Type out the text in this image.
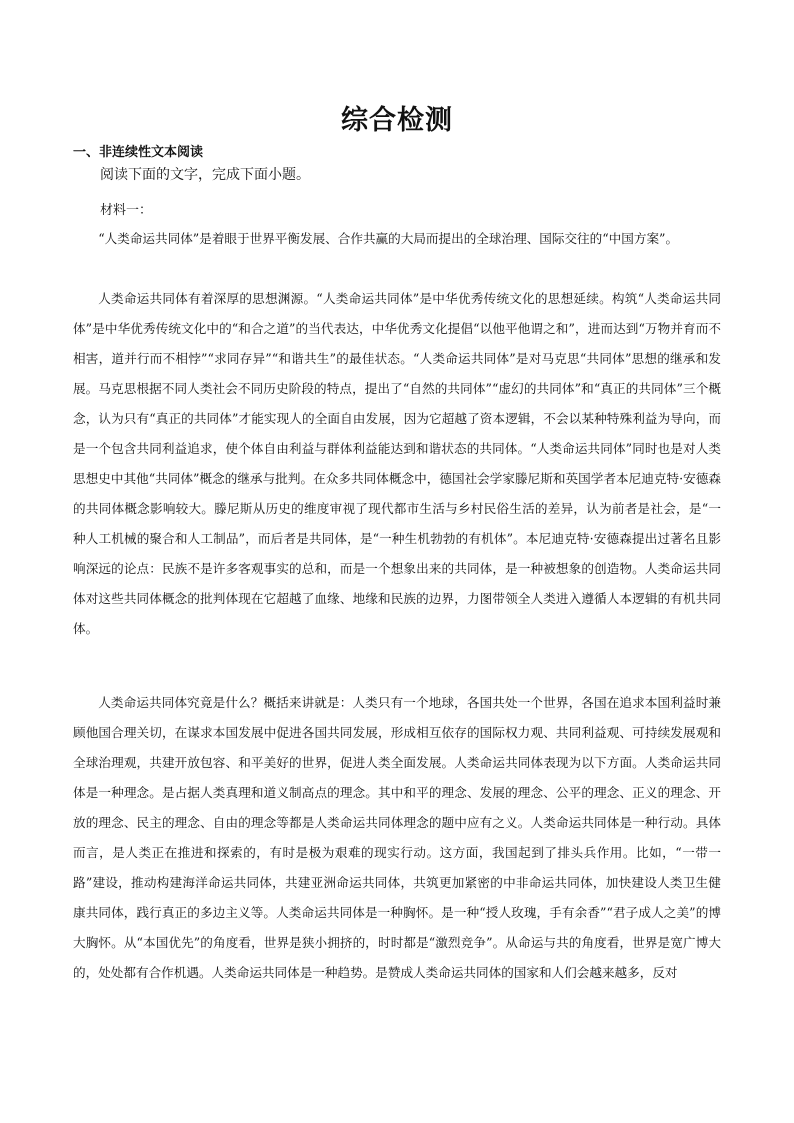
综合检测
一、非连续性文本阅读

阅读下面的文字，完成下面小题。

材料一：

“人类命运共同体”是着眼于世界平衡发展、合作共赢的大局而提出的全球治理、国际交往的“中国方案”。

人类命运共同体有着深厚的思想渊源。“人类命运共同体”是中华优秀传统文化的思想延续。构筑“人类命运共同体”是中华优秀传统文化中的“和合之道”的当代表达，中华优秀文化提倡“以他平他谓之和”，进而达到“万物并育而不相害，道并行而不相悖”“求同存异”“和谐共生”的最佳状态。“人类命运共同体”是对马克思“共同体”思想的继承和发展。马克思根据不同人类社会不同历史阶段的特点，提出了“自然的共同体”“虚幻的共同体”和“真正的共同体”三个概念，认为只有“真正的共同体”才能实现人的全面自由发展，因为它超越了资本逻辑，不会以某种特殊利益为导向，而是一个包含共同利益追求，使个体自由利益与群体利益能达到和谐状态的共同体。“人类命运共同体”同时也是对人类思想史中其他“共同体”概念的继承与批判。在众多共同体概念中，德国社会学家滕尼斯和英国学者本尼迪克特·安德森的共同体概念影响较大。滕尼斯从历史的维度审视了现代都市生活与乡村民俗生活的差异，认为前者是社会，是“一种人工机械的聚合和人工制品”，而后者是共同体，是“一种生机勃勃的有机体”。本尼迪克特·安德森提出过著名且影响深远的论点：民族不是许多客观事实的总和，而是一个想象出来的共同体，是一种被想象的创造物。人类命运共同体对这些共同体概念的批判体现在它超越了血缘、地缘和民族的边界，力图带领全人类进入遵循人本逻辑的有机共同体。

人类命运共同体究竟是什么？概括来讲就是：人类只有一个地球，各国共处一个世界，各国在追求本国利益时兼顾他国合理关切，在谋求本国发展中促进各国共同发展，形成相互依存的国际权力观、共同利益观、可持续发展观和全球治理观，共建开放包容、和平美好的世界，促进人类全面发展。人类命运共同体表现为以下方面。人类命运共同体是一种理念。是占据人类真理和道义制高点的理念。其中和平的理念、发展的理念、公平的理念、正义的理念、开放的理念、民主的理念、自由的理念等都是人类命运共同体理念的题中应有之义。人类命运共同体是一种行动。具体而言，是人类正在推进和探索的，有时是极为艰难的现实行动。这方面，我国起到了排头兵作用。比如，“一带一路”建设，推动构建海洋命运共同体，共建亚洲命运共同体，共筑更加紧密的中非命运共同体，加快建设人类卫生健康共同体，践行真正的多边主义等。人类命运共同体是一种胸怀。是一种“授人玫瑰，手有余香”“君子成人之美”的博大胸怀。从“本国优先”的角度看，世界是狭小拥挤的，时时都是“激烈竞争”。从命运与共的角度看，世界是宽广博大的，处处都有合作机遇。人类命运共同体是一种趋势。是赞成人类命运共同体的国家和人们会越来越多，反对
